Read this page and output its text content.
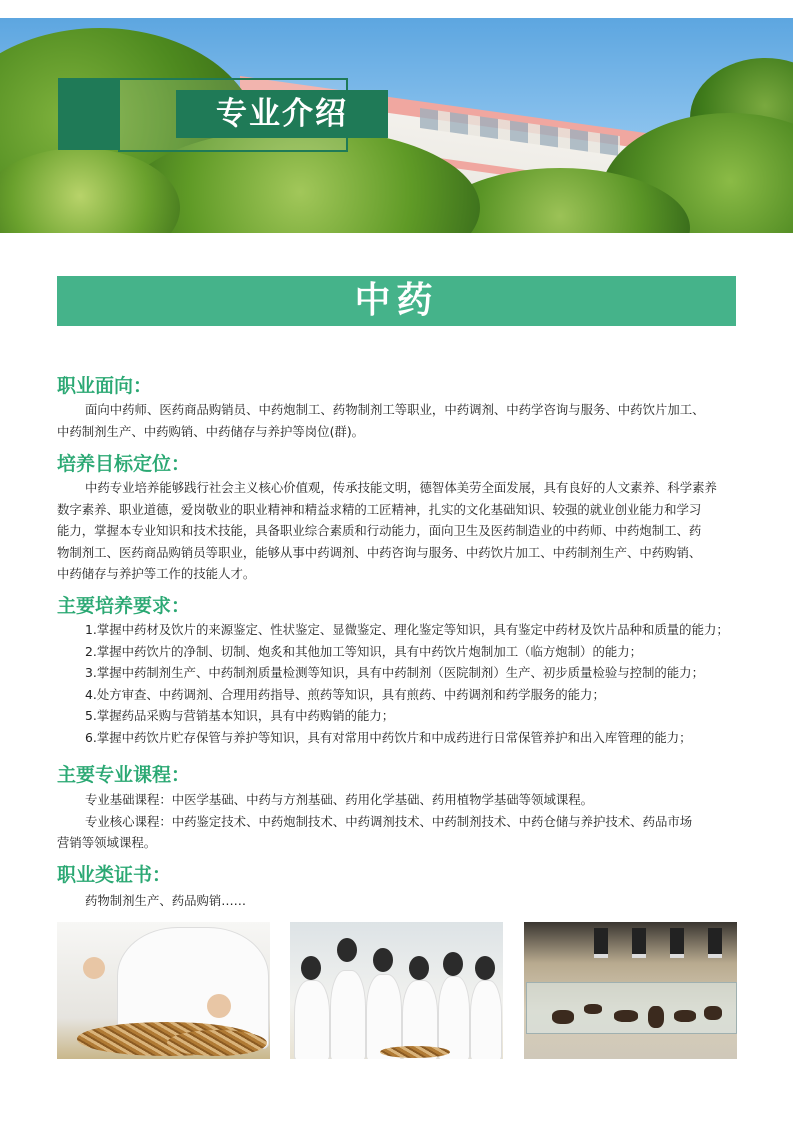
专业介绍
中药
职业面向：
面向中药师、医药商品购销员、中药炮制工、药物制剂工等职业，中药调剂、中药学咨询与服务、中药饮片加工、
中药制剂生产、中药购销、中药储存与养护等岗位(群)。
培养目标定位：
中药专业培养能够践行社会主义核心价值观，传承技能文明，德智体美劳全面发展，具有良好的人文素养、科学素养
数字素养、职业道德，爱岗敬业的职业精神和精益求精的工匠精神，扎实的文化基础知识、较强的就业创业能力和学习
能力，掌握本专业知识和技术技能，具备职业综合素质和行动能力，面向卫生及医药制造业的中药师、中药炮制工、药
物制剂工、医药商品购销员等职业，能够从事中药调剂、中药咨询与服务、中药饮片加工、中药制剂生产、中药购销、
中药储存与养护等工作的技能人才。
主要培养要求：
1.掌握中药材及饮片的来源鉴定、性状鉴定、显微鉴定、理化鉴定等知识，具有鉴定中药材及饮片品种和质量的能力；
2.掌握中药饮片的净制、切制、炮炙和其他加工等知识，具有中药饮片炮制加工（临方炮制）的能力；
3.掌握中药制剂生产、中药制剂质量检测等知识，具有中药制剂（医院制剂）生产、初步质量检验与控制的能力；
4.处方审查、中药调剂、合理用药指导、煎药等知识，具有煎药、中药调剂和药学服务的能力；
5.掌握药品采购与营销基本知识，具有中药购销的能力；
6.掌握中药饮片贮存保管与养护等知识，具有对常用中药饮片和中成药进行日常保管养护和出入库管理的能力；
主要专业课程：
专业基础课程：中医学基础、中药与方剂基础、药用化学基础、药用植物学基础等领域课程。
专业核心课程：中药鉴定技术、中药炮制技术、中药调剂技术、中药制剂技术、中药仓储与养护技术、药品市场
营销等领域课程。
职业类证书：
药物制剂生产、药品购销……
